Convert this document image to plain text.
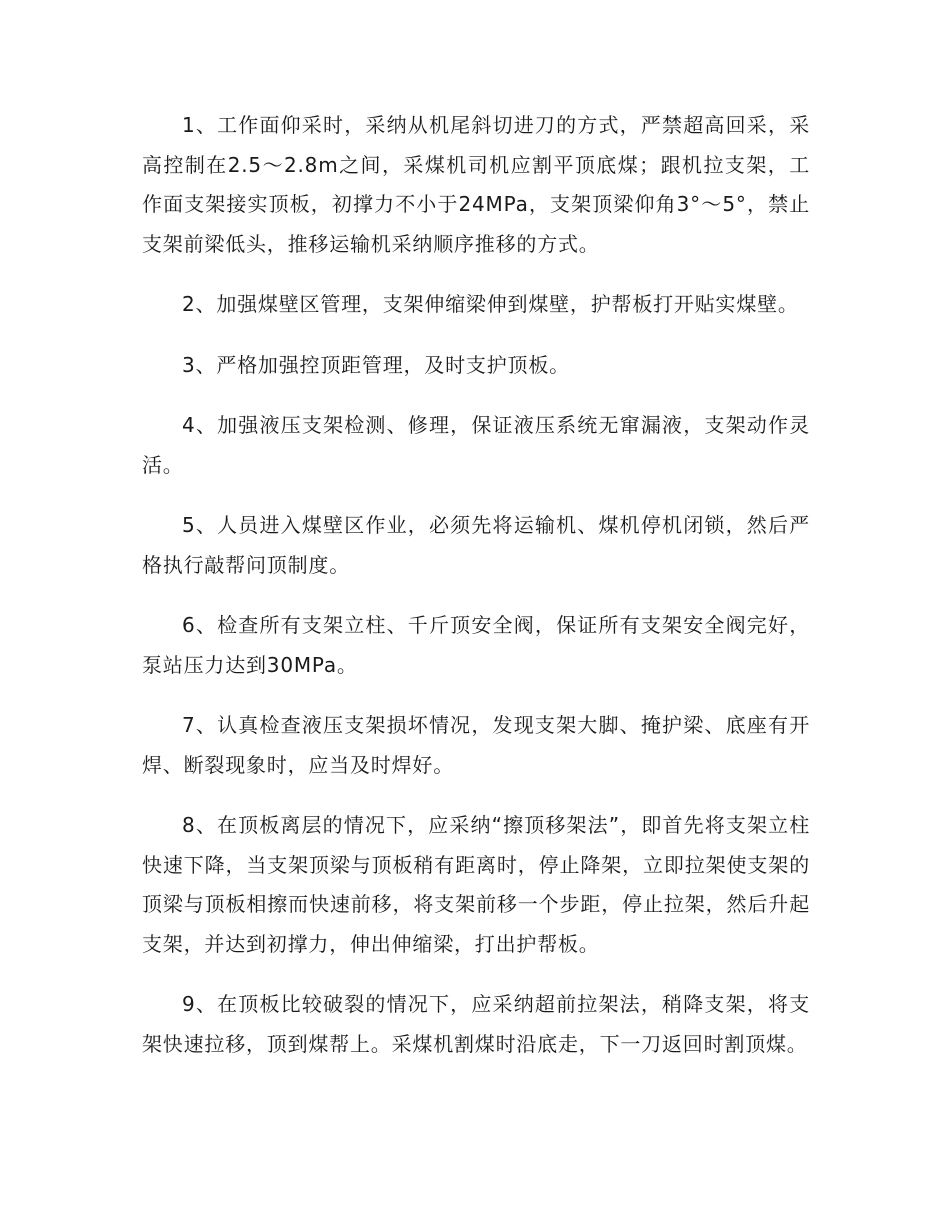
1、工作面仰采时，采纳从机尾斜切进刀的方式，严禁超高回采，采高控制在2.5～2.8m之间，采煤机司机应割平顶底煤；跟机拉支架，工作面支架接实顶板，初撑力不小于24MPa，支架顶梁仰角3°～5°，禁止支架前梁低头，推移运输机采纳顺序推移的方式。

2、加强煤壁区管理，支架伸缩梁伸到煤壁，护帮板打开贴实煤壁。

3、严格加强控顶距管理，及时支护顶板。

4、加强液压支架检测、修理，保证液压系统无窜漏液，支架动作灵活。

5、人员进入煤壁区作业，必须先将运输机、煤机停机闭锁，然后严格执行敲帮问顶制度。

6、检查所有支架立柱、千斤顶安全阀，保证所有支架安全阀完好，泵站压力达到30MPa。

7、认真检查液压支架损坏情况，发现支架大脚、掩护梁、底座有开焊、断裂现象时，应当及时焊好。

8、在顶板离层的情况下，应采纳“擦顶移架法”，即首先将支架立柱快速下降，当支架顶梁与顶板稍有距离时，停止降架，立即拉架使支架的顶梁与顶板相擦而快速前移，将支架前移一个步距，停止拉架，然后升起支架，并达到初撑力，伸出伸缩梁，打出护帮板。

9、在顶板比较破裂的情况下，应采纳超前拉架法，稍降支架，将支架快速拉移，顶到煤帮上。采煤机割煤时沿底走，下一刀返回时割顶煤。
